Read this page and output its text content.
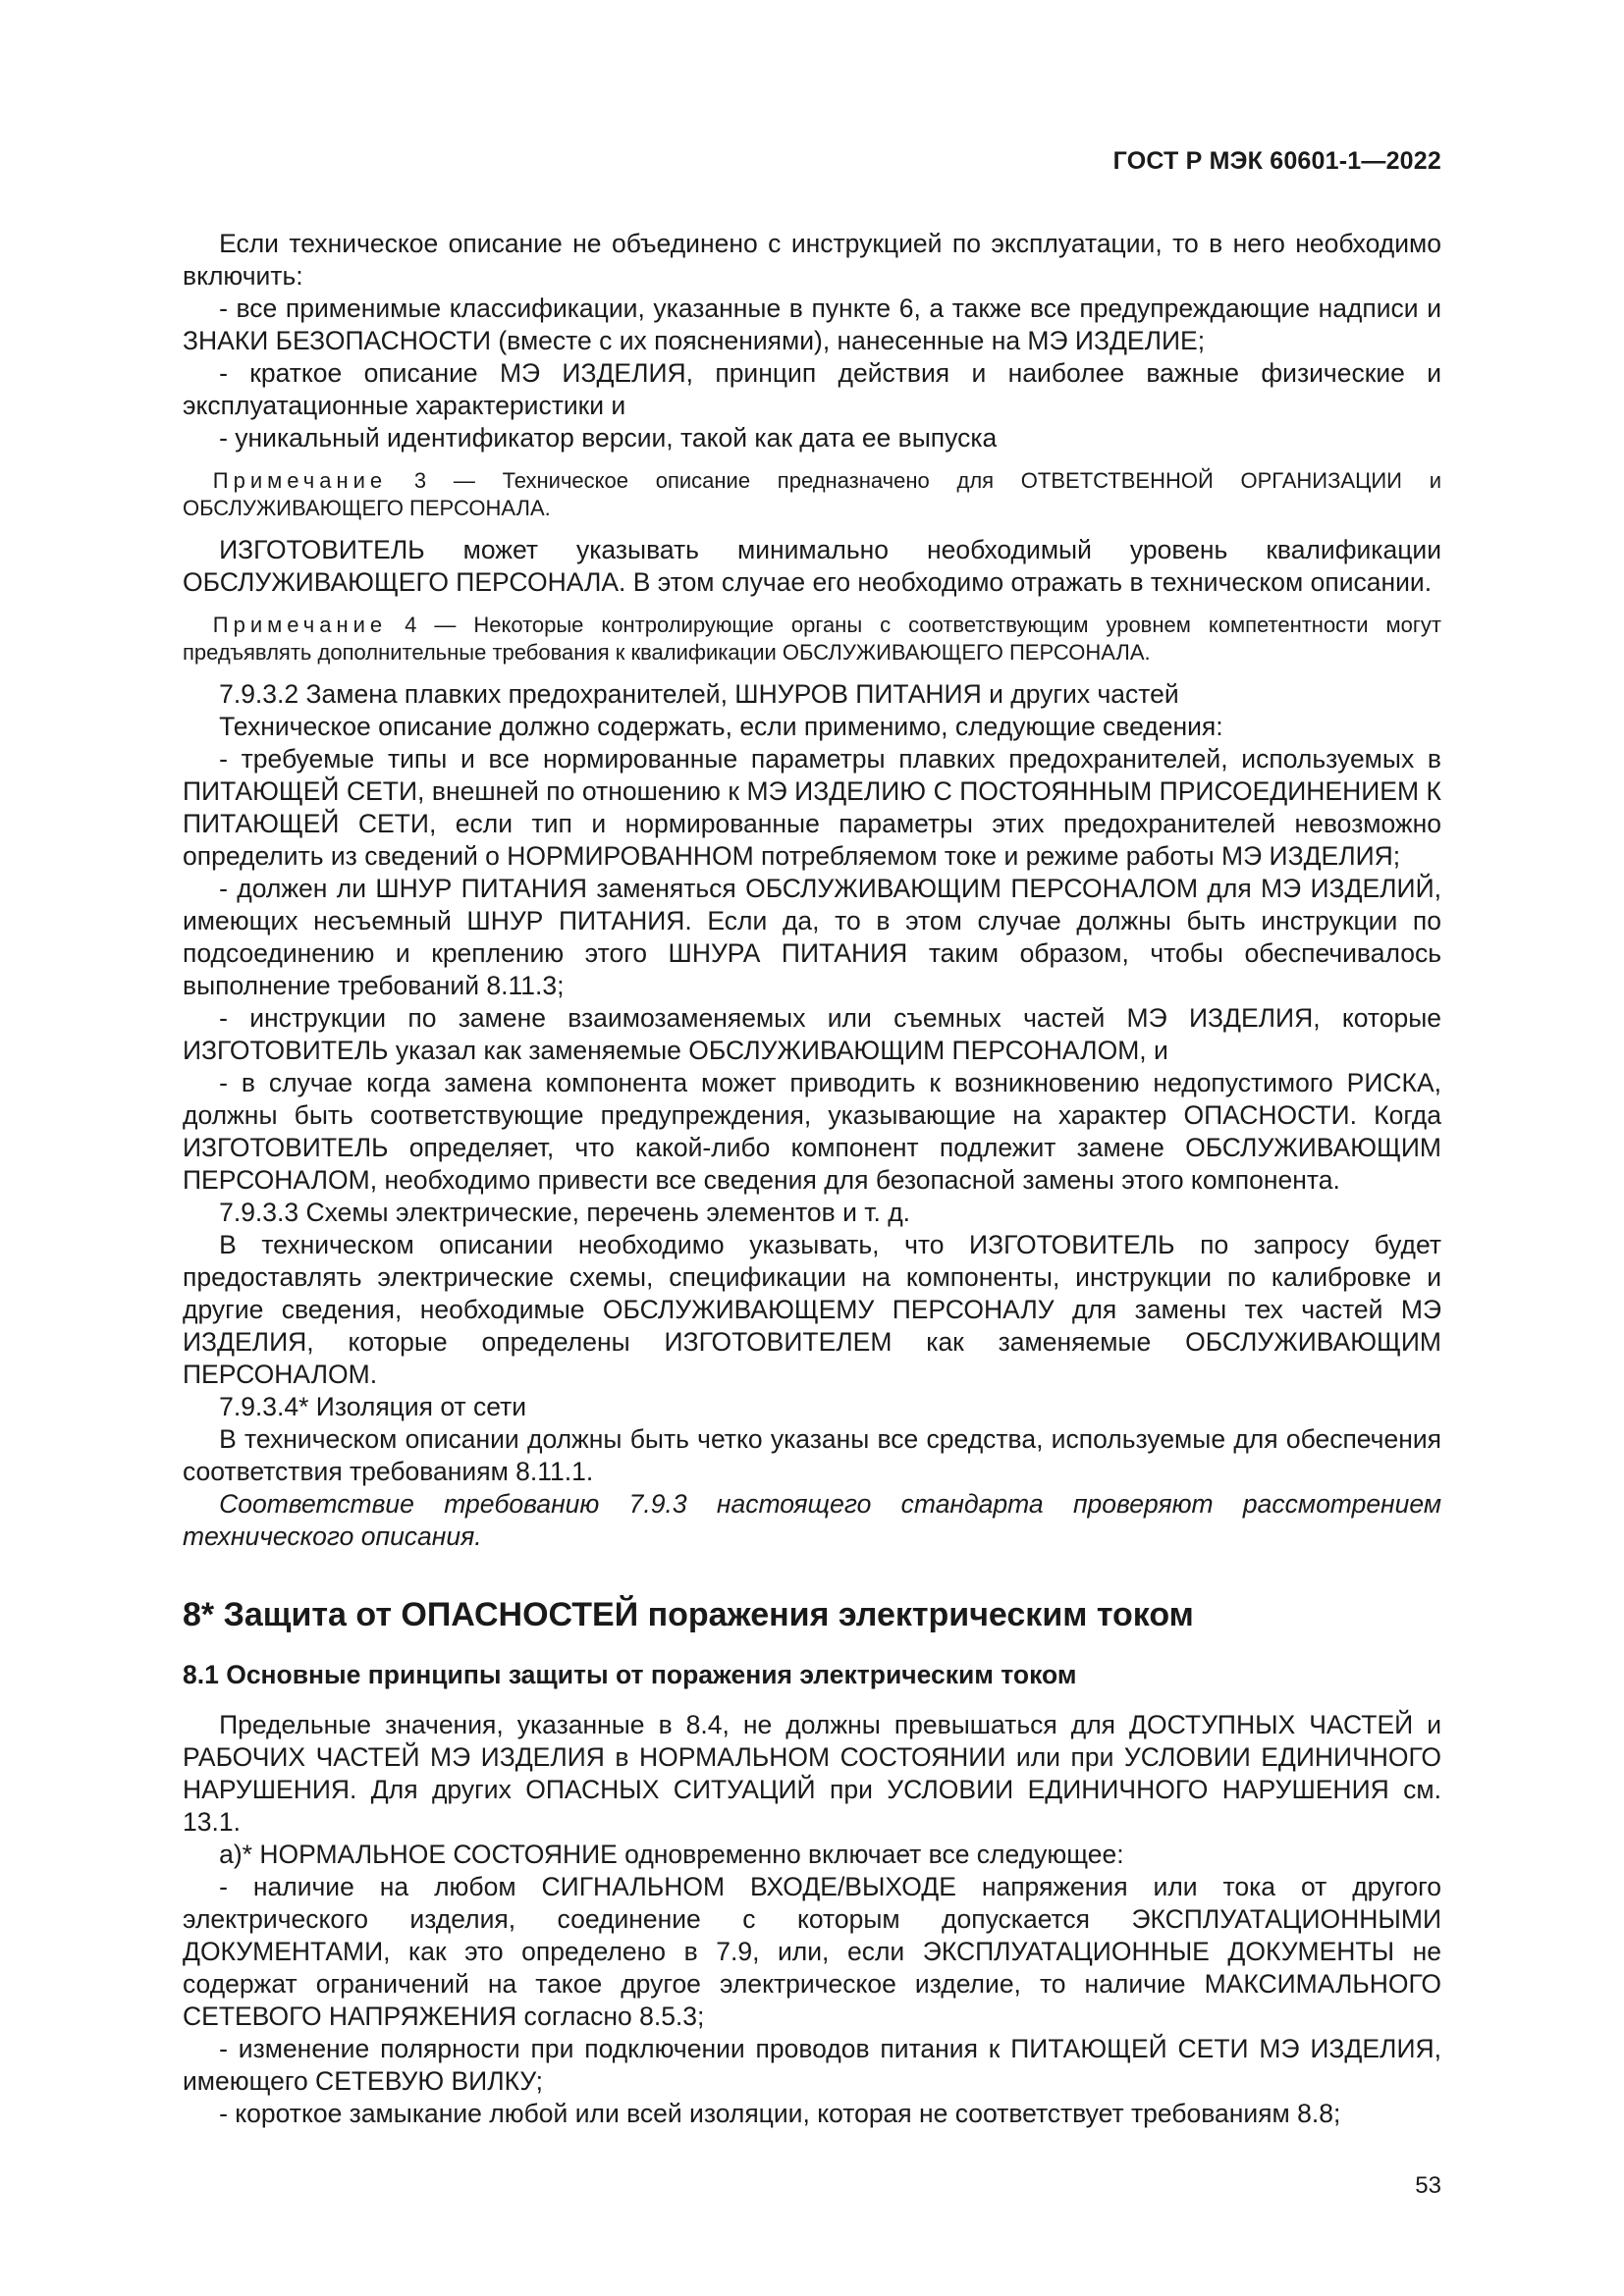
ГОСТ Р МЭК 60601-1—2022

Если техническое описание не объединено с инструкцией по эксплуатации, то в него необходимо включить:

- все применимые классификации, указанные в пункте 6, а также все предупреждающие надписи и ЗНАКИ БЕЗОПАСНОСТИ (вместе с их пояснениями), нанесенные на МЭ ИЗДЕЛИЕ;

- краткое описание МЭ ИЗДЕЛИЯ, принцип действия и наиболее важные физические и эксплуатационные характеристики и

- уникальный идентификатор версии, такой как дата ее выпуска

Примечание 3 — Техническое описание предназначено для ОТВЕТСТВЕННОЙ ОРГАНИЗАЦИИ и ОБСЛУЖИВАЮЩЕГО ПЕРСОНАЛА.

ИЗГОТОВИТЕЛЬ может указывать минимально необходимый уровень квалификации ОБСЛУЖИВАЮЩЕГО ПЕРСОНАЛА. В этом случае его необходимо отражать в техническом описании.

Примечание 4 — Некоторые контролирующие органы с соответствующим уровнем компетентности могут предъявлять дополнительные требования к квалификации ОБСЛУЖИВАЮЩЕГО ПЕРСОНАЛА.

7.9.3.2 Замена плавких предохранителей, ШНУРОВ ПИТАНИЯ и других частей

Техническое описание должно содержать, если применимо, следующие сведения:

- требуемые типы и все нормированные параметры плавких предохранителей, используемых в ПИТАЮЩЕЙ СЕТИ, внешней по отношению к МЭ ИЗДЕЛИЮ С ПОСТОЯННЫМ ПРИСОЕДИНЕНИЕМ К ПИТАЮЩЕЙ СЕТИ, если тип и нормированные параметры этих предохранителей невозможно определить из сведений о НОРМИРОВАННОМ потребляемом токе и режиме работы МЭ ИЗДЕЛИЯ;

- должен ли ШНУР ПИТАНИЯ заменяться ОБСЛУЖИВАЮЩИМ ПЕРСОНАЛОМ для МЭ ИЗДЕЛИЙ, имеющих несъемный ШНУР ПИТАНИЯ. Если да, то в этом случае должны быть инструкции по подсоединению и креплению этого ШНУРА ПИТАНИЯ таким образом, чтобы обеспечивалось выполнение требований 8.11.3;

- инструкции по замене взаимозаменяемых или съемных частей МЭ ИЗДЕЛИЯ, которые ИЗГОТОВИТЕЛЬ указал как заменяемые ОБСЛУЖИВАЮЩИМ ПЕРСОНАЛОМ, и

- в случае когда замена компонента может приводить к возникновению недопустимого РИСКА, должны быть соответствующие предупреждения, указывающие на характер ОПАСНОСТИ. Когда ИЗГОТОВИТЕЛЬ определяет, что какой-либо компонент подлежит замене ОБСЛУЖИВАЮЩИМ ПЕРСОНАЛОМ, необходимо привести все сведения для безопасной замены этого компонента.

7.9.3.3 Схемы электрические, перечень элементов и т. д.

В техническом описании необходимо указывать, что ИЗГОТОВИТЕЛЬ по запросу будет предоставлять электрические схемы, спецификации на компоненты, инструкции по калибровке и другие сведения, необходимые ОБСЛУЖИВАЮЩЕМУ ПЕРСОНАЛУ для замены тех частей МЭ ИЗДЕЛИЯ, которые определены ИЗГОТОВИТЕЛЕМ как заменяемые ОБСЛУЖИВАЮЩИМ ПЕРСОНАЛОМ.

7.9.3.4* Изоляция от сети

В техническом описании должны быть четко указаны все средства, используемые для обеспечения соответствия требованиям 8.11.1.

Соответствие требованию 7.9.3 настоящего стандарта проверяют рассмотрением технического описания.

8* Защита от ОПАСНОСТЕЙ поражения электрическим током
8.1 Основные принципы защиты от поражения электрическим током

Предельные значения, указанные в 8.4, не должны превышаться для ДОСТУПНЫХ ЧАСТЕЙ и РАБОЧИХ ЧАСТЕЙ МЭ ИЗДЕЛИЯ в НОРМАЛЬНОМ СОСТОЯНИИ или при УСЛОВИИ ЕДИНИЧНОГО НАРУШЕНИЯ. Для других ОПАСНЫХ СИТУАЦИЙ при УСЛОВИИ ЕДИНИЧНОГО НАРУШЕНИЯ см. 13.1.

a)* НОРМАЛЬНОЕ СОСТОЯНИЕ одновременно включает все следующее:

- наличие на любом СИГНАЛЬНОМ ВХОДЕ/ВЫХОДЕ напряжения или тока от другого электрического изделия, соединение с которым допускается ЭКСПЛУАТАЦИОННЫМИ ДОКУМЕНТАМИ, как это определено в 7.9, или, если ЭКСПЛУАТАЦИОННЫЕ ДОКУМЕНТЫ не содержат ограничений на такое другое электрическое изделие, то наличие МАКСИМАЛЬНОГО СЕТЕВОГО НАПРЯЖЕНИЯ согласно 8.5.3;

- изменение полярности при подключении проводов питания к ПИТАЮЩЕЙ СЕТИ МЭ ИЗДЕЛИЯ, имеющего СЕТЕВУЮ ВИЛКУ;

- короткое замыкание любой или всей изоляции, которая не соответствует требованиям 8.8;

53
